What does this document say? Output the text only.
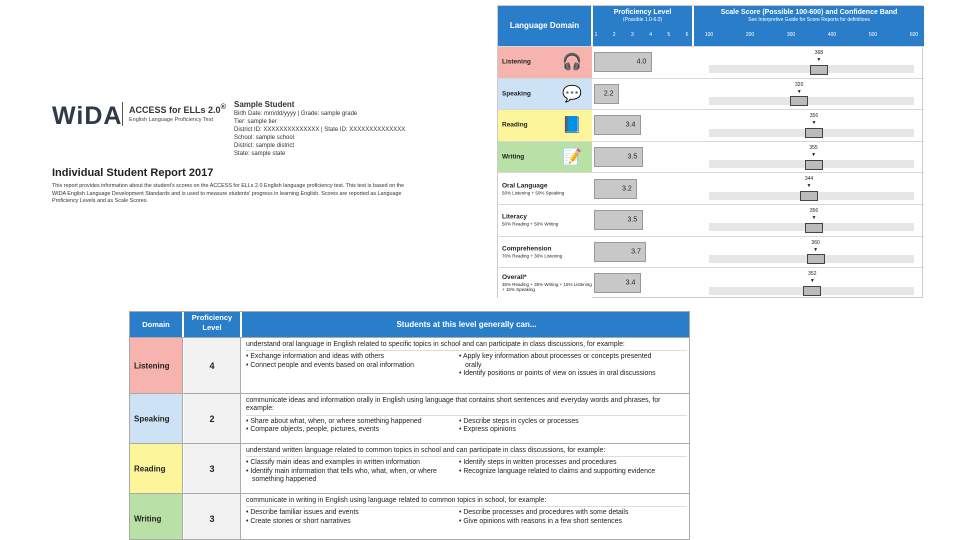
WiDA ACCESS for ELLs 2.0®
English Language Proficiency Test
Sample Student
Birth Date: mm/dd/yyyy | Grade: sample grade
Tier: sample tier
District ID: XXXXXXXXXXXXXX | State ID: XXXXXXXXXXXXXX
School: sample school
District: sample district
State: sample state
Individual Student Report 2017
This report provides information about the student's scores on the ACCESS for ELLs 2.0 English language proficiency test. This test is based on the WIDA English Language Development Standards and is used to measure students' progress in learning English. Scores are reported as Language Proficiency Levels and as Scale Scores.
Language Domain
Proficiency Level
(Possible 1.0-6.0)
1	2	3	4	5	6
Scale Score (Possible 100-600) and Confidence Band
See Interpretive Guide for Score Reports for definitions
100	200	300	400	500	600
Listening 🎧	4.0
368
▼
Speaking 💬	2.2
320
▼
Reading 📘	3.4
356
▼
Writing 📝	3.5
355
▼
Oral Language
50% Listening + 50% Speaking
3.2
344
▼
Literacy
50% Reading + 50% Writing
3.5
356
▼
Comprehension
70% Reading + 30% Listening
3.7
360
▼
Overall*
35% Reading + 35% Writing + 15% Listening + 15% Speaking
3.4
352
▼
Domain
Proficiency Level	Students at this level generally can...
Listening	4
understand oral language in English related to specific topics in school and can participate in class discussions, for example:
• Exchange information and ideas with others
• Connect people and events based on oral information
• Apply key information about processes or concepts presented orally
• Identify positions or points of view on issues in oral discussions
Speaking	2
communicate ideas and information orally in English using language that contains short sentences and everyday words and phrases, for example:
• Share about what, when, or where something happened
• Compare objects, people, pictures, events
• Describe steps in cycles or processes
• Express opinions
Reading	3
understand written language related to common topics in school and can participate in class discussions, for example:
• Classify main ideas and examples in written information
• Identify main information that tells who, what, when, or where something happened
• Identify steps in written processes and procedures
• Recognize language related to claims and supporting evidence
Writing	3
communicate in writing in English using language related to common topics in school, for example:
• Describe familiar issues and events
• Create stories or short narratives
• Describe processes and procedures with some details
• Give opinions with reasons in a few short sentences
